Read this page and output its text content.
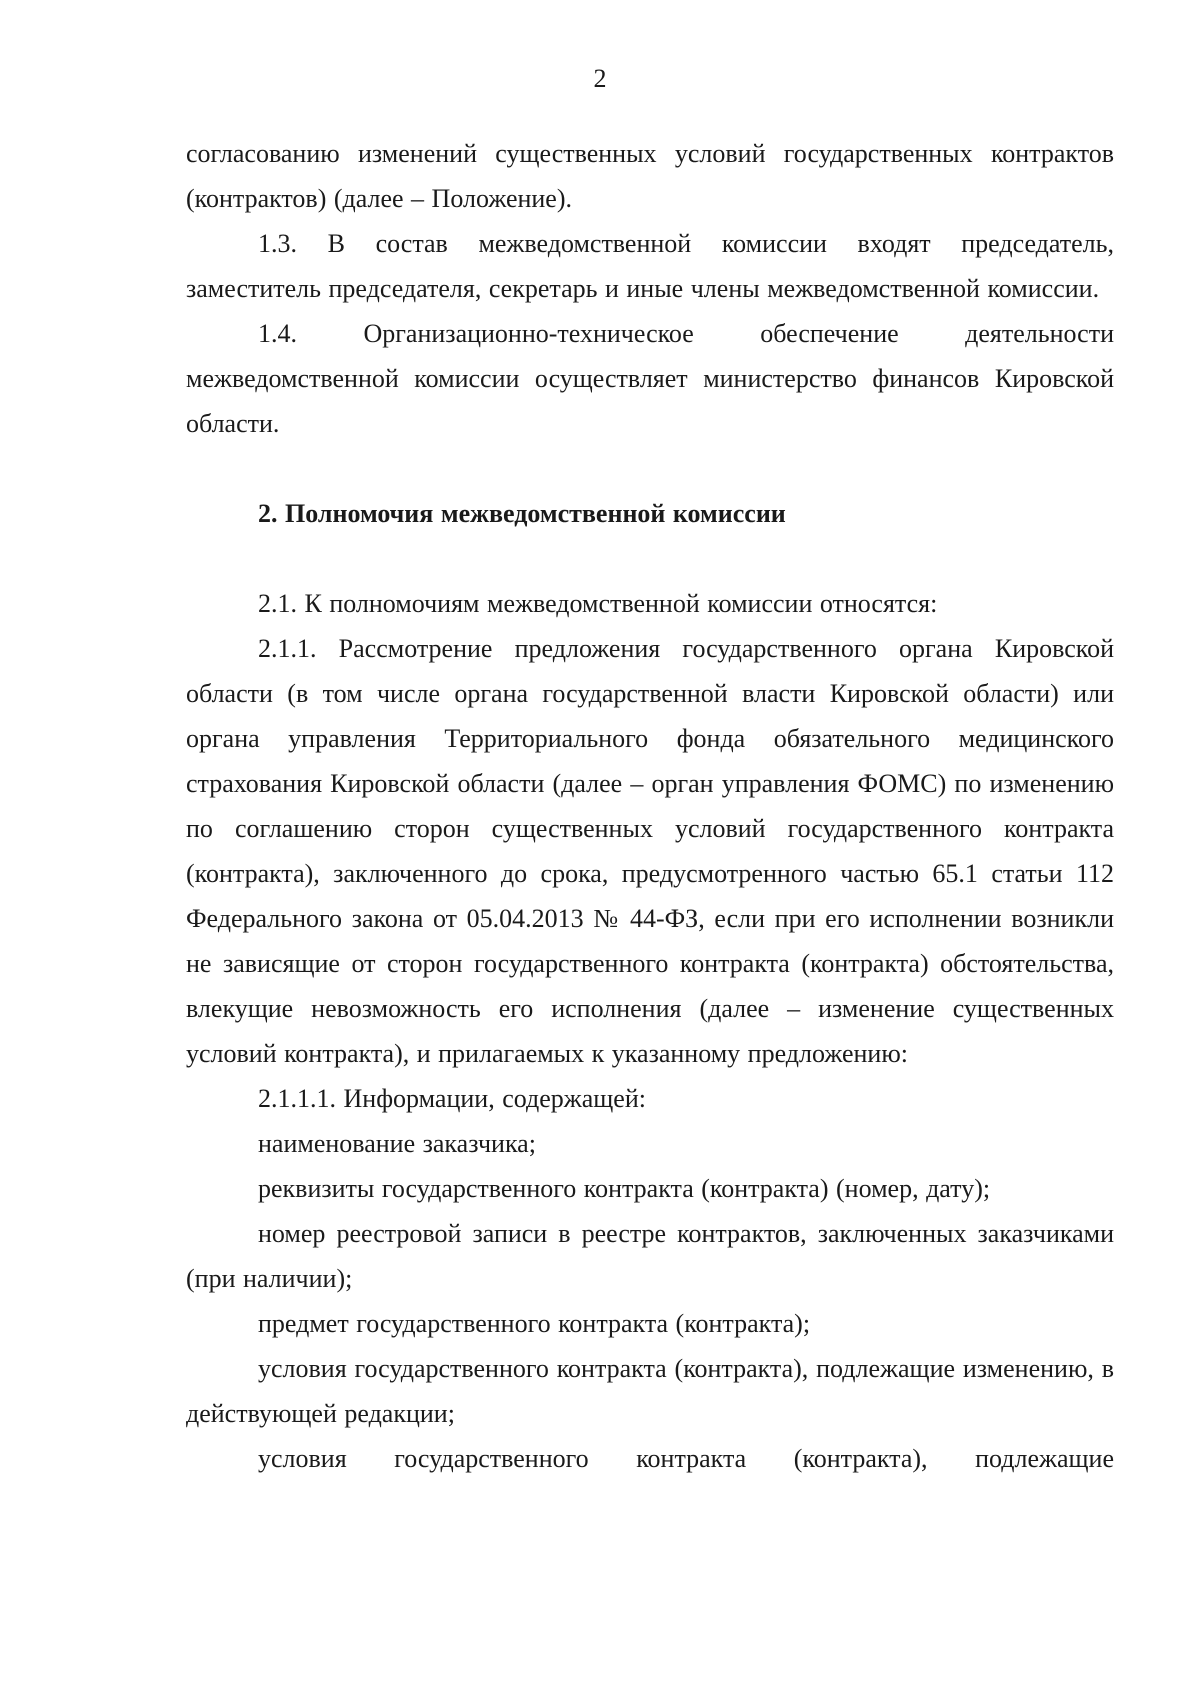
2

согласованию изменений существенных условий государственных контрактов (контрактов) (далее – Положение).

1.3. В состав межведомственной комиссии входят председатель, заместитель председателя, секретарь и иные члены межведомственной комиссии.

1.4. Организационно-техническое обеспечение деятельности межведомственной комиссии осуществляет министерство финансов Кировской области.

2. Полномочия межведомственной комиссии

2.1. К полномочиям межведомственной комиссии относятся:

2.1.1. Рассмотрение предложения государственного органа Кировской области (в том числе органа государственной власти Кировской области) или органа управления Территориального фонда обязательного медицинского страхования Кировской области (далее – орган управления ФОМС) по изменению по соглашению сторон существенных условий государственного контракта (контракта), заключенного до срока, предусмотренного частью 65.1 статьи 112 Федерального закона от 05.04.2013 № 44-ФЗ, если при его исполнении возникли не зависящие от сторон государственного контракта (контракта) обстоятельства, влекущие невозможность его исполнения (далее – изменение существенных условий контракта), и прилагаемых к указанному предложению:

2.1.1.1. Информации, содержащей:

наименование заказчика;

реквизиты государственного контракта (контракта) (номер, дату);

номер реестровой записи в реестре контрактов, заключенных заказчиками (при наличии);

предмет государственного контракта (контракта);

условия государственного контракта (контракта), подлежащие изменению, в действующей редакции;

условия государственного контракта (контракта), подлежащие
